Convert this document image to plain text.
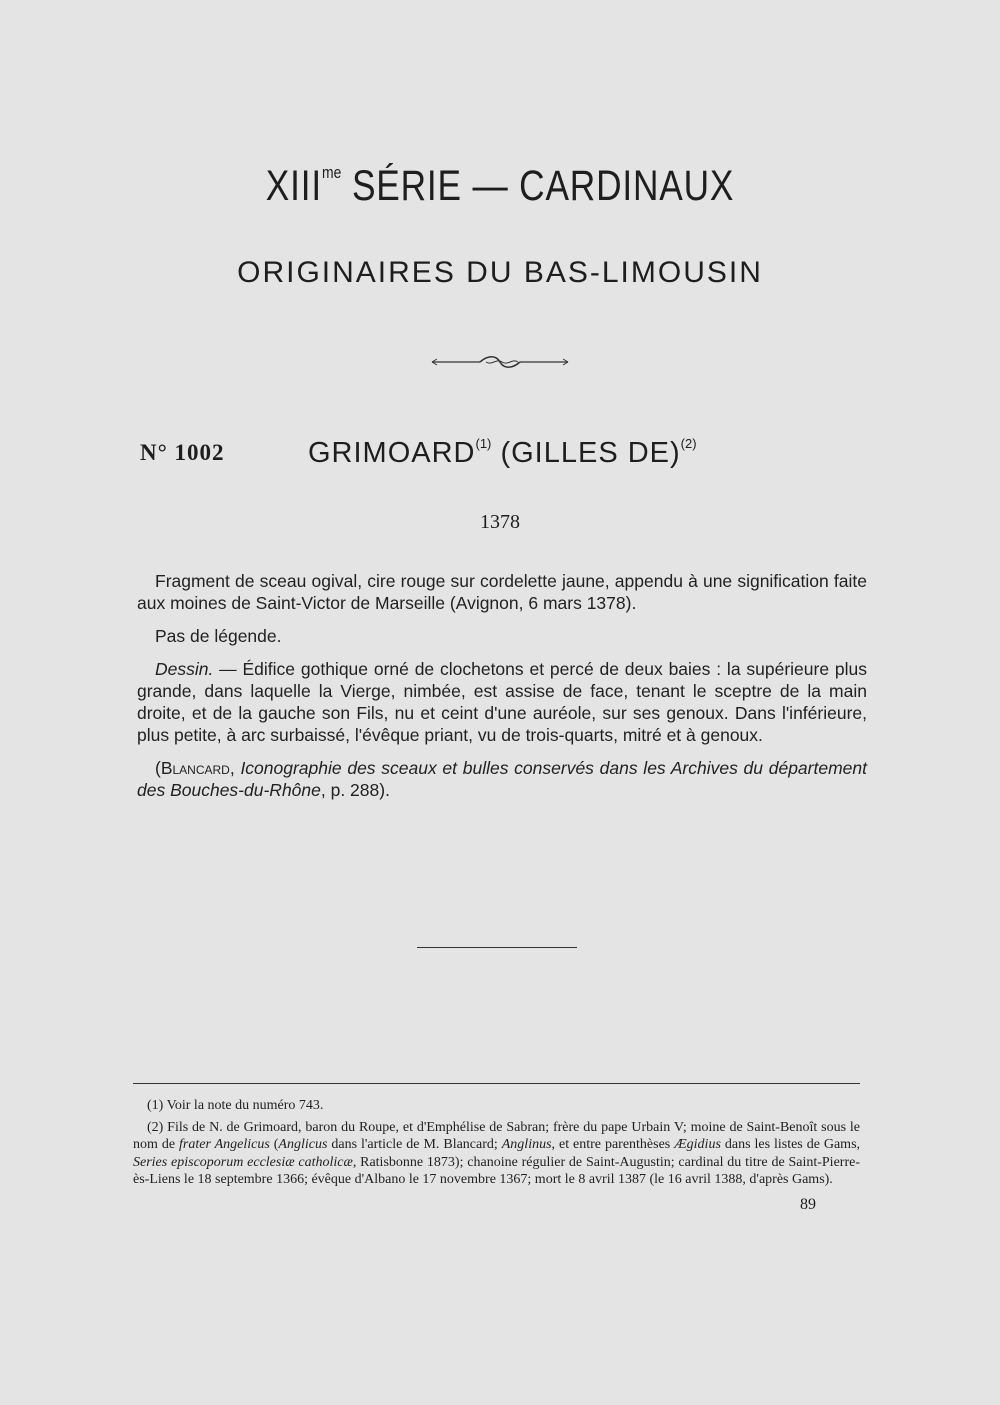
$XIII^{me}$ SÉRIE — CARDINAUX
ORIGINAIRES DU BAS-LIMOUSIN
N° 1002	GRIMOARD$^{(1)}$ (GILLES DE)$^{(2)}$
1378

Fragment de sceau ogival, cire rouge sur cordelette jaune, appendu à une signification faite aux moines de Saint-Victor de Marseille (Avignon, 6 mars 1378).

Pas de légende.

Dessin. — Édifice gothique orné de clochetons et percé de deux baies : la supérieure plus grande, dans laquelle la Vierge, nimbée, est assise de face, tenant le sceptre de la main droite, et de la gauche son Fils, nu et ceint d'une auréole, sur ses genoux. Dans l'inférieure, plus petite, à arc surbaissé, l'évêque priant, vu de trois-quarts, mitré et à genoux.

(Blancard, Iconographie des sceaux et bulles conservés dans les Archives du département des Bouches-du-Rhône, p. 288).

(1) Voir la note du numéro 743.

(2) Fils de N. de Grimoard, baron du Roupe, et d'Emphélise de Sabran; frère du pape Urbain V; moine de Saint-Benoît sous le nom de frater Angelicus (Anglicus dans l'article de M. Blancard; Anglinus, et entre parenthèses Ægidius dans les listes de Gams, Series episcoporum ecclesiæ catholicæ, Ratisbonne 1873); chanoine régulier de Saint-Augustin; cardinal du titre de Saint-Pierre-ès-Liens le 18 septembre 1366; évêque d'Albano le 17 novembre 1367; mort le 8 avril 1387 (le 16 avril 1388, d'après Gams).

89
